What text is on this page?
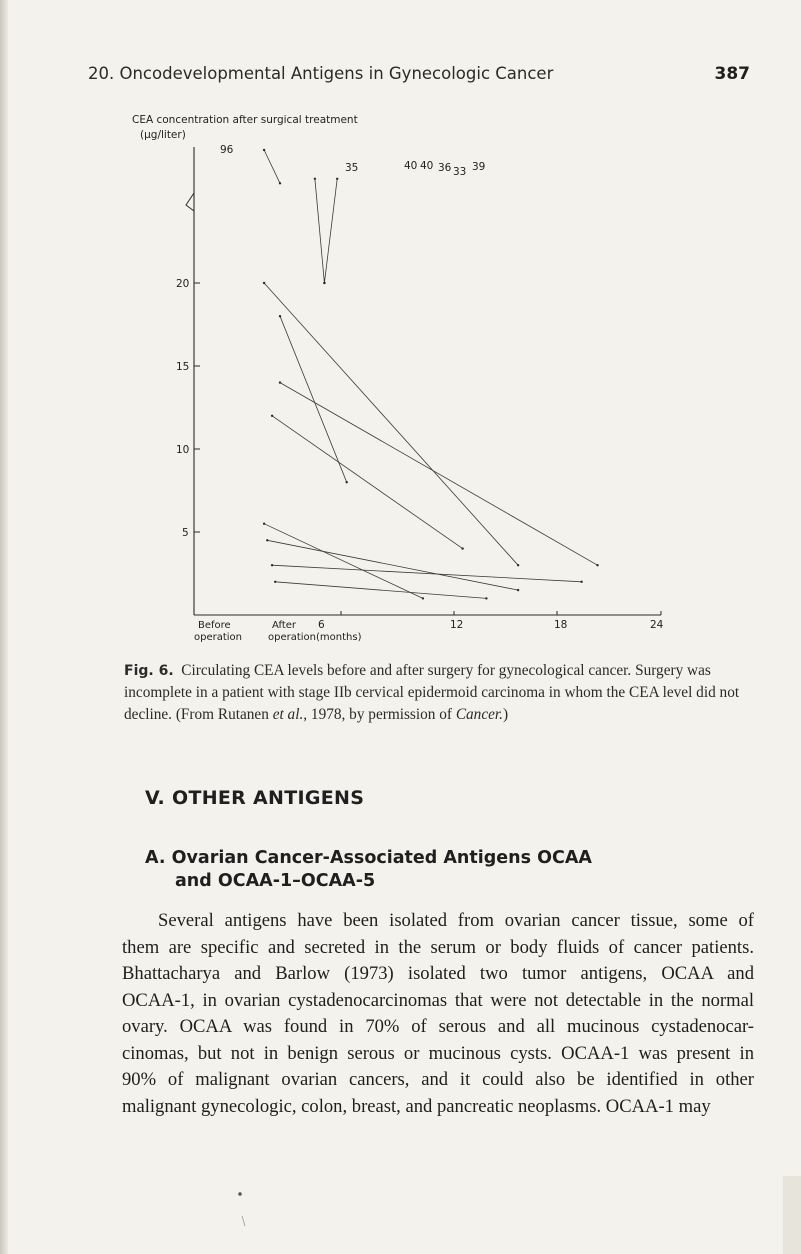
20. Oncodevelopmental Antigens in Gynecologic Cancer	387
CEA concentration after surgical treatment
(μg/liter)
20
15
10
5
Before
operation
After
operation(months)
6	12	18	24
96
35	40 40 36 33 39
Fig. 6. Circulating CEA levels before and after surgery for gynecological cancer. Surgery was incomplete in a patient with stage IIb cervical epidermoid carcinoma in whom the CEA level did not decline. (From Rutanen et al., 1978, by permission of Cancer.)
V. OTHER ANTIGENS
A. Ovarian Cancer-Associated Antigens OCAA
and OCAA-1–OCAA-5
Several antigens have been isolated from ovarian cancer tissue, some of
them are specific and secreted in the serum or body fluids of cancer patients.
Bhattacharya and Barlow (1973) isolated two tumor antigens, OCAA and
OCAA-1, in ovarian cystadenocarcinomas that were not detectable in the normal
ovary. OCAA was found in 70% of serous and all mucinous cystadenocar-
cinomas, but not in benign serous or mucinous cysts. OCAA-1 was present in
90% of malignant ovarian cancers, and it could also be identified in other
malignant gynecologic, colon, breast, and pancreatic neoplasms. OCAA-1 may
